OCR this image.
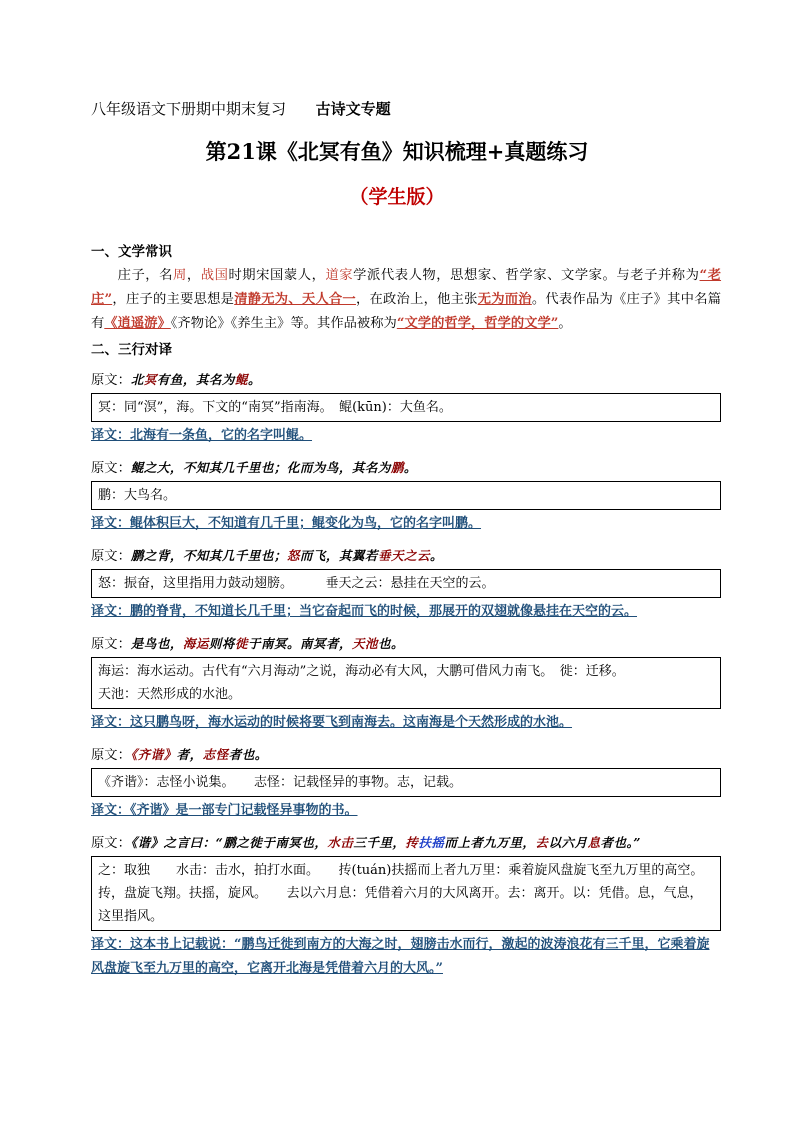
八年级语文下册期中期末复习 古诗文专题
第21课《北冥有鱼》知识梳理+真题练习
（学生版）

一、文学常识

庄子，名周，战国时期宋国蒙人，道家学派代表人物，思想家、哲学家、文学家。与老子并称为“老庄”，庄子的主要思想是清静无为、天人合一，在政治上，他主张无为而治。代表作品为《庄子》其中名篇有《逍遥游》《齐物论》《养生主》等。其作品被称为“文学的哲学，哲学的文学”。

二、三行对译

原文：北冥有鱼，其名为鲲。

冥：同“溟”，海。下文的“南冥”指南海。　鲲(kūn)：大鱼名。

译文：北海有一条鱼，它的名字叫鲲。

原文：鲲之大，不知其几千里也；化而为鸟，其名为鹏。

鹏：大鸟名。

译文：鲲体积巨大，不知道有几千里；鲲变化为鸟，它的名字叫鹏。

原文：鹏之背，不知其几千里也；怒而飞，其翼若垂天之云。

怒：振奋，这里指用力鼓动翅膀。　　　垂天之云：悬挂在天空的云。

译文：鹏的脊背，不知道长几千里；当它奋起而飞的时候，那展开的双翅就像悬挂在天空的云。

原文：是鸟也，海运则将徙于南冥。南冥者，天池也。

海运：海水运动。古代有“六月海动”之说，海动必有大风，大鹏可借风力南飞。　徙：迁移。
天池：天然形成的水池。

译文：这只鹏鸟呀，海水运动的时候将要飞到南海去。这南海是个天然形成的水池。

原文：《齐谐》者，志怪者也。

《齐谐》：志怪小说集。　　志怪：记载怪异的事物。志，记载。

译文：《齐谐》是一部专门记载怪异事物的书。

原文：《谐》之言曰：“鹏之徙于南冥也，水击三千里，抟扶摇而上者九万里，去以六月息者也。”

之：取独　　水击：击水，拍打水面。　　抟(tuán)扶摇而上者九万里：乘着旋风盘旋飞至九万里的高空。抟，盘旋飞翔。扶摇，旋风。　　去以六月息：凭借着六月的大风离开。去：离开。以：凭借。息，气息，这里指风。

译文：这本书上记载说：“鹏鸟迁徙到南方的大海之时，翅膀击水而行，激起的波涛浪花有三千里，它乘着旋风盘旋飞至九万里的高空，它离开北海是凭借着六月的大风。”
